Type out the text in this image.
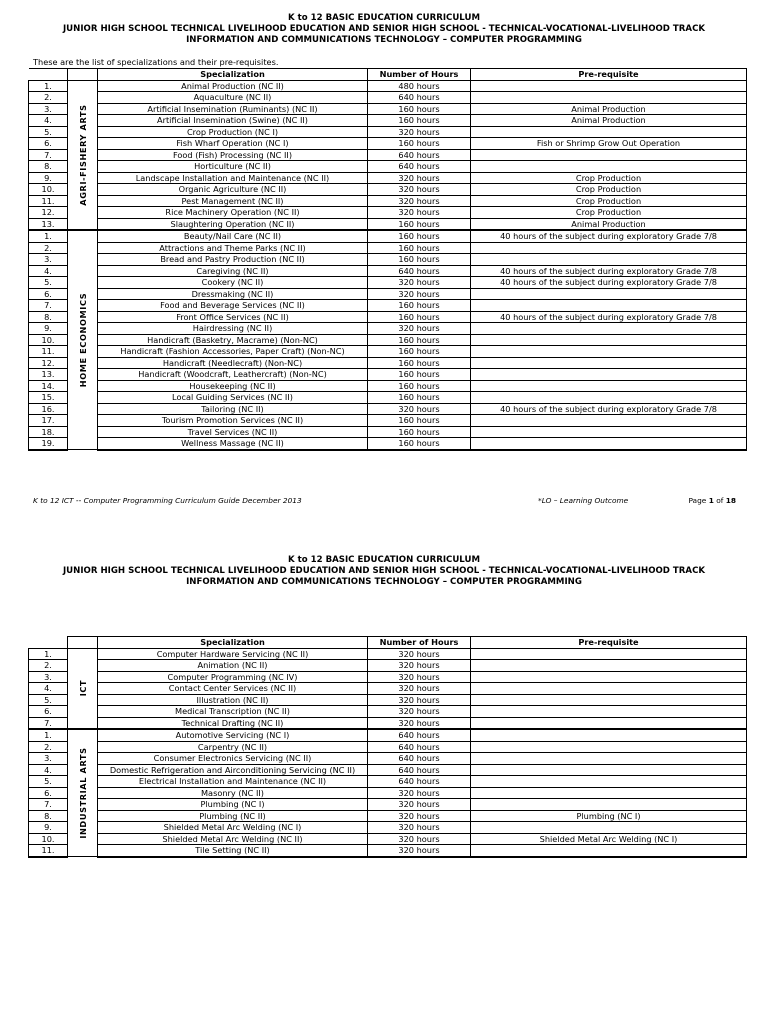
K to 12 BASIC EDUCATION CURRICULUM
JUNIOR HIGH SCHOOL TECHNICAL LIVELIHOOD EDUCATION AND SENIOR HIGH SCHOOL - TECHNICAL-VOCATIONAL-LIVELIHOOD TRACK
INFORMATION AND COMMUNICATIONS TECHNOLOGY – COMPUTER PROGRAMMING
These are the list of specializations and their pre-requisites.
		Specialization	Number of Hours	Pre-requisite
1.	AGRI-FISHERY ARTS	Animal Production (NC II)	480 hours	
2.		Aquaculture (NC II)	640 hours	
3.		Artificial Insemination (Ruminants) (NC II)	160 hours	Animal Production
4.		Artificial Insemination (Swine) (NC II)	160 hours	Animal Production
5.		Crop Production (NC I)	320 hours	
6.		Fish Wharf Operation (NC I)	160 hours	Fish or Shrimp Grow Out Operation
7.		Food (Fish) Processing (NC II)	640 hours	
8.		Horticulture (NC II)	640 hours	
9.		Landscape Installation and Maintenance (NC II)	320 hours	Crop Production
10.		Organic Agriculture (NC II)	320 hours	Crop Production
11.		Pest Management (NC II)	320 hours	Crop Production
12.		Rice Machinery Operation (NC II)	320 hours	Crop Production
13.		Slaughtering Operation (NC II)	160 hours	Animal Production
1.	HOME ECONOMICS	Beauty/Nail Care (NC II)	160 hours	40 hours of the subject during exploratory Grade 7/8
2.		Attractions and Theme Parks (NC II)	160 hours	
3.		Bread and Pastry Production (NC II)	160 hours	
4.		Caregiving (NC II)	640 hours	40 hours of the subject during exploratory Grade 7/8
5.		Cookery (NC II)	320 hours	40 hours of the subject during exploratory Grade 7/8
6.		Dressmaking (NC II)	320 hours	
7.		Food and Beverage Services (NC II)	160 hours	
8.		Front Office Services (NC II)	160 hours	40 hours of the subject during exploratory Grade 7/8
9.		Hairdressing (NC II)	320 hours	
10.		Handicraft (Basketry, Macrame) (Non-NC)	160 hours	
11.		Handicraft (Fashion Accessories, Paper Craft) (Non-NC)	160 hours	
12.		Handicraft (Needlecraft) (Non-NC)	160 hours	
13.		Handicraft (Woodcraft, Leathercraft) (Non-NC)	160 hours	
14.		Housekeeping (NC II)	160 hours	
15.		Local Guiding Services (NC II)	160 hours	
16.		Tailoring (NC II)	320 hours	40 hours of the subject during exploratory Grade 7/8
17.		Tourism Promotion Services (NC II)	160 hours	
18.		Travel Services (NC II)	160 hours	
19.		Wellness Massage (NC II)	160 hours	
K to 12 ICT -- Computer Programming Curriculum Guide December 2013	*LO – Learning Outcome	Page 1 of 18
K to 12 BASIC EDUCATION CURRICULUM
JUNIOR HIGH SCHOOL TECHNICAL LIVELIHOOD EDUCATION AND SENIOR HIGH SCHOOL - TECHNICAL-VOCATIONAL-LIVELIHOOD TRACK
INFORMATION AND COMMUNICATIONS TECHNOLOGY – COMPUTER PROGRAMMING
		Specialization	Number of Hours	Pre-requisite
1.	ICT	Computer Hardware Servicing (NC II)	320 hours	
2.		Animation (NC II)	320 hours	
3.		Computer Programming (NC IV)	320 hours	
4.		Contact Center Services (NC II)	320 hours	
5.		Illustration (NC II)	320 hours	
6.		Medical Transcription (NC II)	320 hours	
7.		Technical Drafting (NC II)	320 hours	
1.	INDUSTRIAL ARTS	Automotive Servicing (NC I)	640 hours	
2.		Carpentry (NC II)	640 hours	
3.		Consumer Electronics Servicing (NC II)	640 hours	
4.		Domestic Refrigeration and Airconditioning Servicing (NC II)	640 hours	
5.		Electrical Installation and Maintenance (NC II)	640 hours	
6.		Masonry (NC II)	320 hours	
7.		Plumbing (NC I)	320 hours	
8.		Plumbing (NC II)	320 hours	Plumbing (NC I)
9.		Shielded Metal Arc Welding (NC I)	320 hours	
10.		Shielded Metal Arc Welding (NC II)	320 hours	Shielded Metal Arc Welding (NC I)
11.		Tile Setting (NC II)	320 hours	
